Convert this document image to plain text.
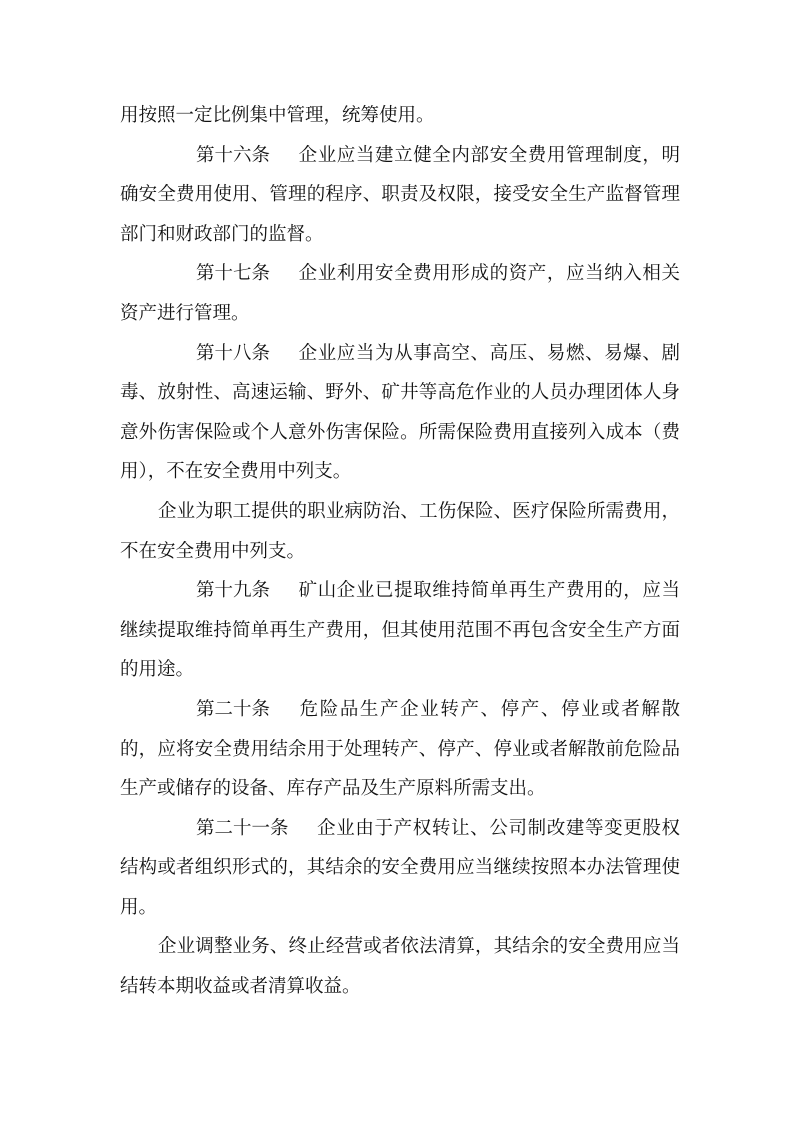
用按照一定比例集中管理，统筹使用。

第十六条 企业应当建立健全内部安全费用管理制度，明确安全费用使用、管理的程序、职责及权限，接受安全生产监督管理部门和财政部门的监督。

第十七条 企业利用安全费用形成的资产，应当纳入相关资产进行管理。

第十八条 企业应当为从事高空、高压、易燃、易爆、剧毒、放射性、高速运输、野外、矿井等高危作业的人员办理团体人身意外伤害保险或个人意外伤害保险。所需保险费用直接列入成本（费用），不在安全费用中列支。

企业为职工提供的职业病防治、工伤保险、医疗保险所需费用，不在安全费用中列支。

第十九条 矿山企业已提取维持简单再生产费用的，应当继续提取维持简单再生产费用，但其使用范围不再包含安全生产方面的用途。

第二十条 危险品生产企业转产、停产、停业或者解散的，应将安全费用结余用于处理转产、停产、停业或者解散前危险品生产或储存的设备、库存产品及生产原料所需支出。

第二十一条 企业由于产权转让、公司制改建等变更股权结构或者组织形式的，其结余的安全费用应当继续按照本办法管理使用。

企业调整业务、终止经营或者依法清算，其结余的安全费用应当结转本期收益或者清算收益。
